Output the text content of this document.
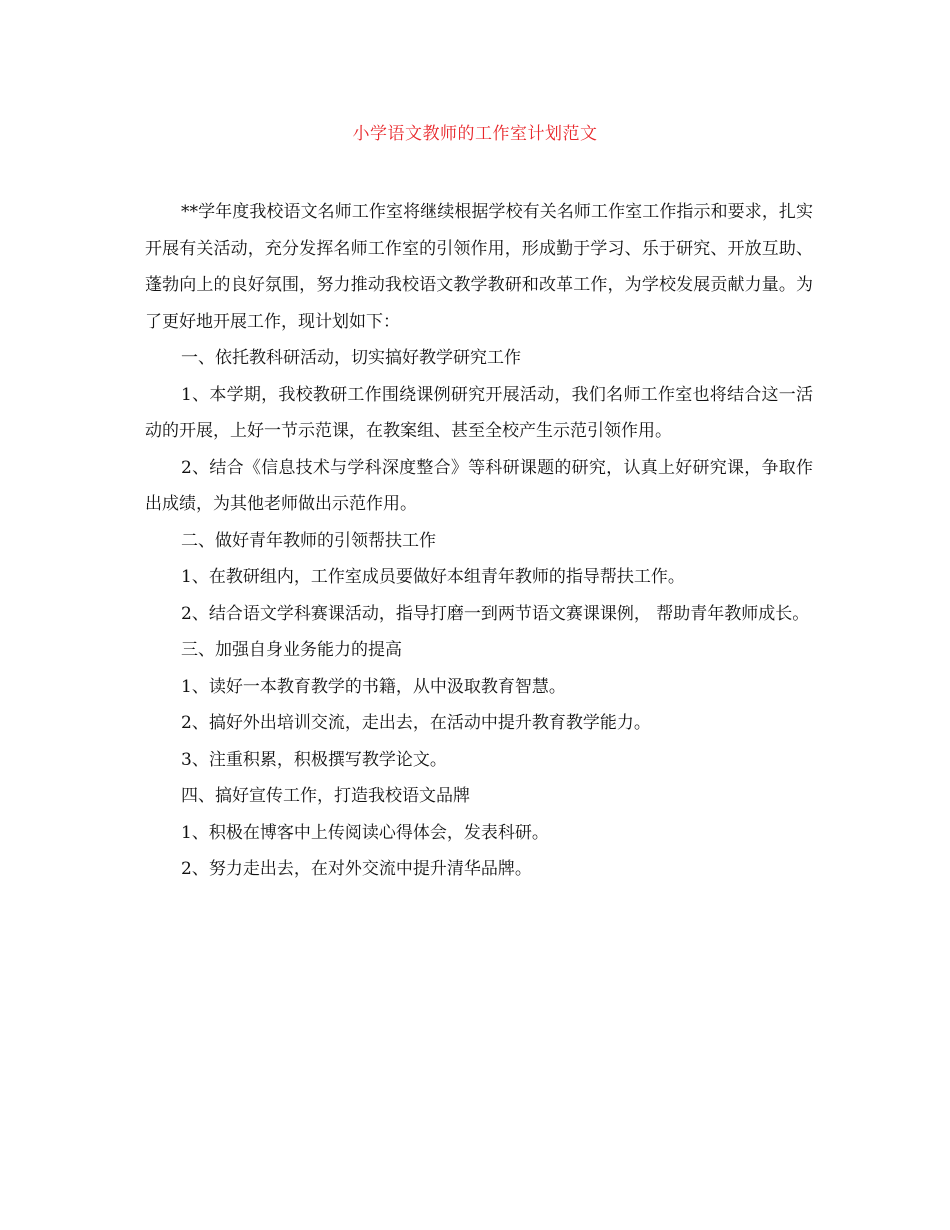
小学语文教师的工作室计划范文

**学年度我校语文名师工作室将继续根据学校有关名师工作室工作指示和要求，扎实开展有关活动，充分发挥名师工作室的引领作用，形成勤于学习、乐于研究、开放互助、蓬勃向上的良好氛围，努力推动我校语文教学教研和改革工作，为学校发展贡献力量。为了更好地开展工作，现计划如下：

一、依托教科研活动，切实搞好教学研究工作

1、本学期，我校教研工作围绕课例研究开展活动，我们名师工作室也将结合这一活动的开展，上好一节示范课，在教案组、甚至全校产生示范引领作用。

2、结合《信息技术与学科深度整合》等科研课题的研究，认真上好研究课，争取作出成绩，为其他老师做出示范作用。

二、做好青年教师的引领帮扶工作

1、在教研组内，工作室成员要做好本组青年教师的指导帮扶工作。

2、结合语文学科赛课活动，指导打磨一到两节语文赛课课例， 帮助青年教师成长。

三、加强自身业务能力的提高

1、读好一本教育教学的书籍，从中汲取教育智慧。

2、搞好外出培训交流，走出去，在活动中提升教育教学能力。

3、注重积累，积极撰写教学论文。

四、搞好宣传工作，打造我校语文品牌

1、积极在博客中上传阅读心得体会，发表科研。

2、努力走出去，在对外交流中提升清华品牌。
